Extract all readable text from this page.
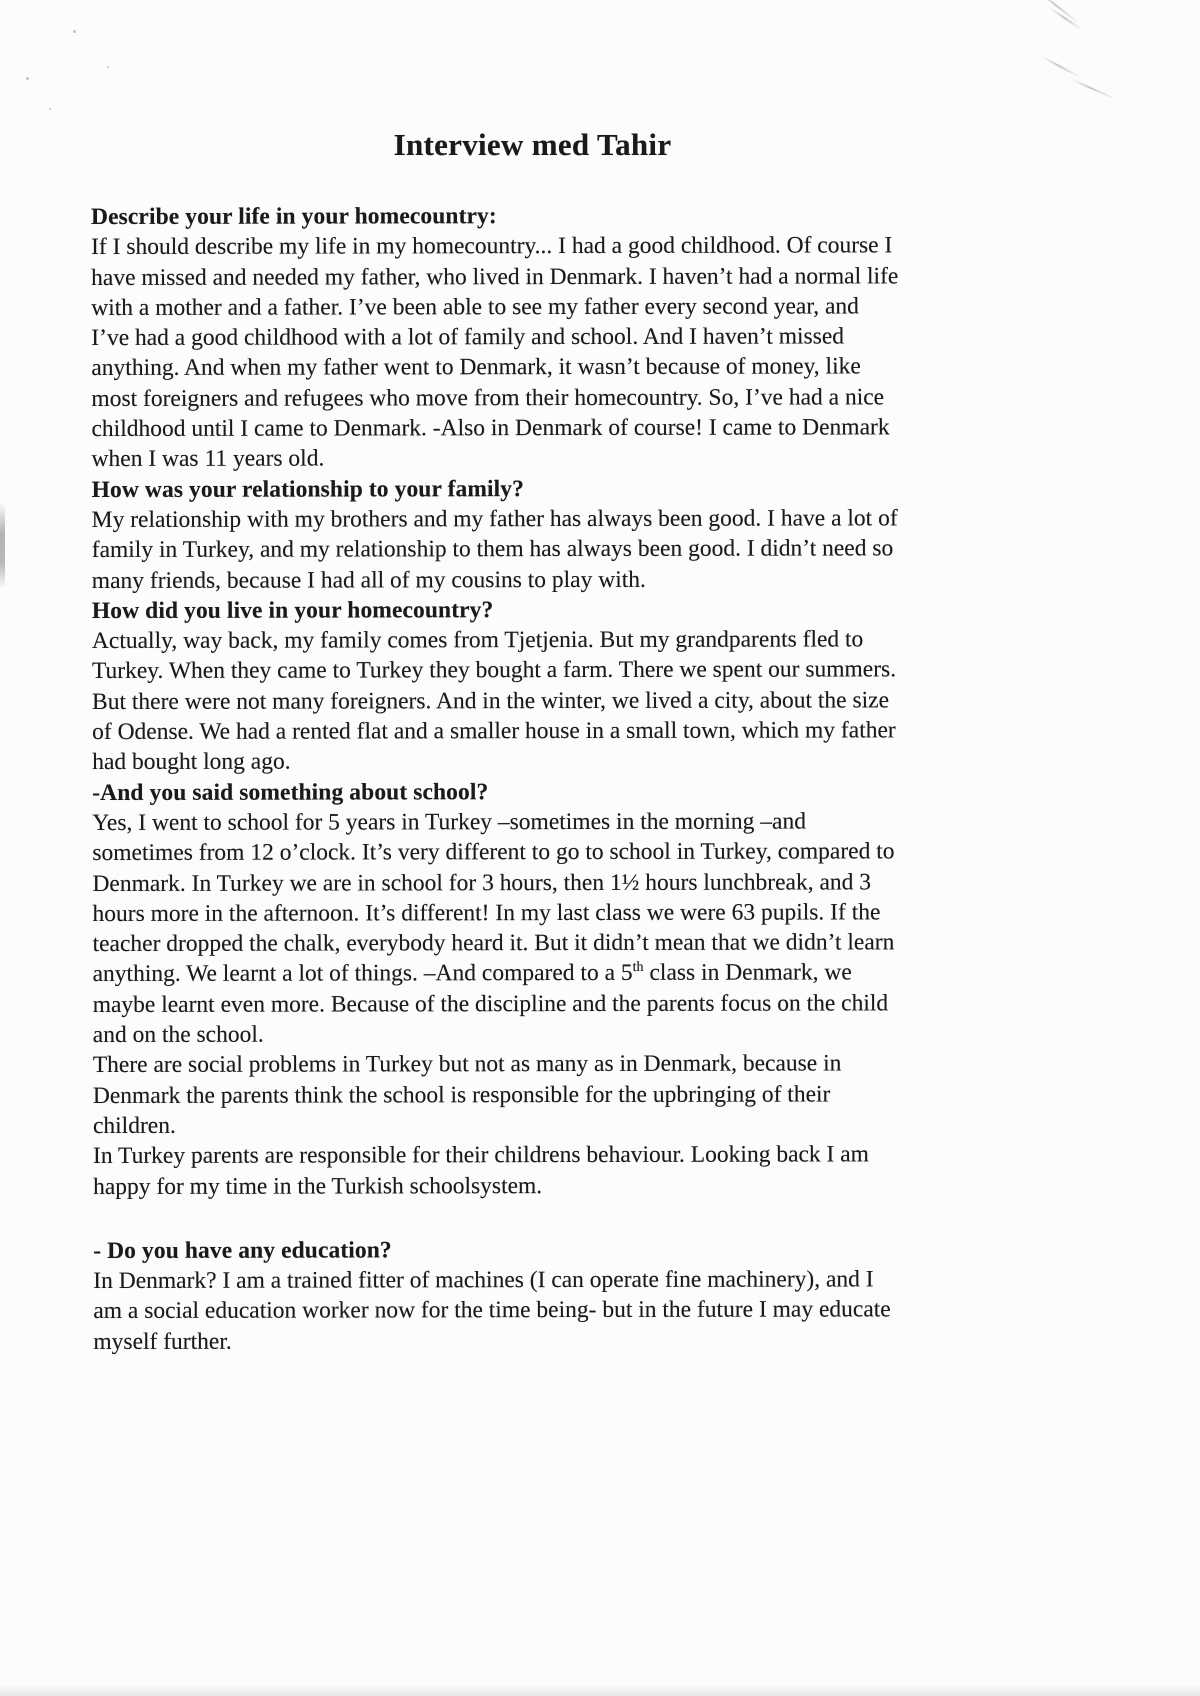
Interview med Tahir
Describe your life in your homecountry:
If I should describe my life in my homecountry... I had a good childhood. Of course I
have missed and needed my father, who lived in Denmark. I haven’t had a normal life
with a mother and a father. I’ve been able to see my father every second year, and
I’ve had a good childhood with a lot of family and school. And I haven’t missed
anything. And when my father went to Denmark, it wasn’t because of money, like
most foreigners and refugees who move from their homecountry. So, I’ve had a nice
childhood until I came to Denmark. -Also in Denmark of course! I came to Denmark
when I was 11 years old.
How was your relationship to your family?
My relationship with my brothers and my father has always been good. I have a lot of
family in Turkey, and my relationship to them has always been good. I didn’t need so
many friends, because I had all of my cousins to play with.
How did you live in your homecountry?
Actually, way back, my family comes from Tjetjenia. But my grandparents fled to
Turkey. When they came to Turkey they bought a farm. There we spent our summers.
But there were not many foreigners. And in the winter, we lived a city, about the size
of Odense. We had a rented flat and a smaller house in a small town, which my father
had bought long ago.
-And you said something about school?
Yes, I went to school for 5 years in Turkey –sometimes in the morning –and
sometimes from 12 o’clock. It’s very different to go to school in Turkey, compared to
Denmark. In Turkey we are in school for 3 hours, then 1½ hours lunchbreak, and 3
hours more in the afternoon. It’s different! In my last class we were 63 pupils. If the
teacher dropped the chalk, everybody heard it. But it didn’t mean that we didn’t learn
anything. We learnt a lot of things. –And compared to a 5th class in Denmark, we
maybe learnt even more. Because of the discipline and the parents focus on the child
and on the school.
There are social problems in Turkey but not as many as in Denmark, because in
Denmark the parents think the school is responsible for the upbringing of their
children.
In Turkey parents are responsible for their childrens behaviour. Looking back I am
happy for my time in the Turkish schoolsystem.
- Do you have any education?
In Denmark? I am a trained fitter of machines (I can operate fine machinery), and I
am a social education worker now for the time being- but in the future I may educate
myself further.
